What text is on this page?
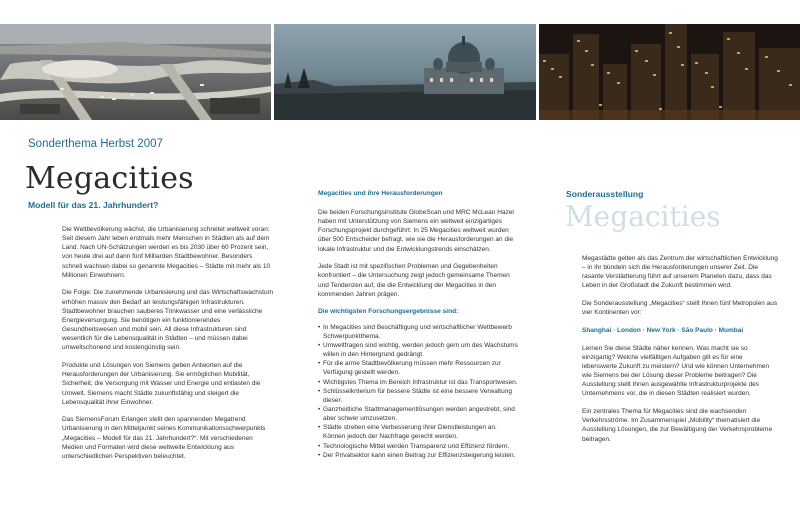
Sonderthema Herbst 2007
Megacities
Modell für das 21. Jahrhundert?

Die Weltbevölkerung wächst, die Urbanisierung schreitet weltweit voran: Seit diesem Jahr leben erstmals mehr Menschen in Städten als auf dem Land. Nach UN-Schätzungen werden es bis 2030 über 60 Prozent sein, von heute drei auf dann fünf Milliarden Stadtbewohner. Besonders schnell wachsen dabei so genannte Megacities – Städte mit mehr als 10 Millionen Einwohnern.

Die Folge: Die zunehmende Urbanisierung und das Wirtschaftswachstum erhöhen massiv den Bedarf an leistungsfähigen Infrastrukturen. Stadtbewohner brauchen sauberes Trinkwasser und eine verlässliche Energieversorgung. Sie benötigen ein funktionierendes Gesundheitswesen und mobil sein. All diese Infrastrukturen sind wesentlich für die Lebensqualität in Städten – und müssen dabei umweltschonend und kostengünstig sein.

Produkte und Lösungen von Siemens geben Antworten auf die Herausforderungen der Urbanisierung. Sie ermöglichen Mobilität, Sicherheit, die Versorgung mit Wasser und Energie und entlasten die Umwelt. Siemens macht Städte zukunftsfähig und steigert die Lebensqualität ihrer Einwohner.

Das SiemensForum Erlangen stellt den spannenden Megatrend Urbanisierung in den Mittelpunkt seines Kommunikationsschwerpunkts „Megacities – Modell für das 21. Jahrhundert?“. Mit verschiedenen Medien und Formaten wird diese weltweite Entwicklung aus unterschiedlichen Perspektiven beleuchtet.

Megacities und ihre Herausforderungen

Die beiden Forschungsinstitute GlobeScan und MRC McLean Hazel haben mit Unterstützung von Siemens ein weltweit einzigartiges Forschungsprojekt durchgeführt: In 25 Megacities weltweit wurden über 500 Entscheider befragt, wie sie die Herausforderungen an die lokale Infrastruktur und die Entwicklungstrends einschätzen.

Jede Stadt ist mit spezifischen Problemen und Gegebenheiten konfrontiert – die Untersuchung zeigt jedoch gemeinsame Themen und Tendenzen auf, die die Entwicklung der Megacities in den kommenden Jahren prägen.

Die wichtigsten Forschungsergebnisse sind:
• In Megacities sind Beschäftigung und wirtschaftlicher Wettbewerb Schwerpunktthema.
• Umweltfragen sind wichtig, werden jedoch gern um des Wachstums willen in den Hintergrund gedrängt.
• Für die arme Stadtbevölkerung müssen mehr Ressourcen zur Verfügung gestellt werden.
• Wichtigstes Thema im Bereich Infrastruktur ist das Transportwesen.
• Schlüsselkriterium für bessere Städte ist eine bessere Verwaltung dieser.
• Ganzheitliche Stadtmanagementlösungen werden angestrebt, sind aber schwer umzusetzen.
• Städte streben eine Verbesserung ihrer Dienstleistungen an. Können jedoch der Nachfrage gerecht werden.
• Technologische Mittel werden Transparenz und Effizienz fördern.
• Der Privatsektor kann einen Beitrag zur Effizienzsteigerung leisten.
Sonderausstellung
Megacities

Megastädte gelten als das Zentrum der wirtschaftlichen Entwicklung – in ihr bündeln sich die Herausforderungen unserer Zeit. Die rasante Verstädterung führt auf unserem Planeten dazu, dass das Leben in der Großstadt die Zukunft bestimmen wird.

Die Sonderausstellung „Megacities“ stellt Ihnen fünf Metropolen aus vier Kontinenten vor:

Shanghai · London · New York · São Paulo · Mumbai

Lernen Sie diese Städte näher kennen. Was macht sie so einzigartig? Welche vielfältigen Aufgaben gilt es für eine lebenswerte Zukunft zu meistern? Und wie können Unternehmen wie Siemens bei der Lösung dieser Probleme beitragen? Die Ausstellung stellt Ihnen ausgewählte Infrastrukturprojekte des Unternehmens vor, die in diesen Städten realisiert wurden.

Ein zentrales Thema für Megacities sind die wachsenden Verkehrsströme. Im Zusammenspiel „Mobility“ thematisiert die Ausstellung Lösungen, die zur Bewältigung der Verkehrsprobleme beitragen.
